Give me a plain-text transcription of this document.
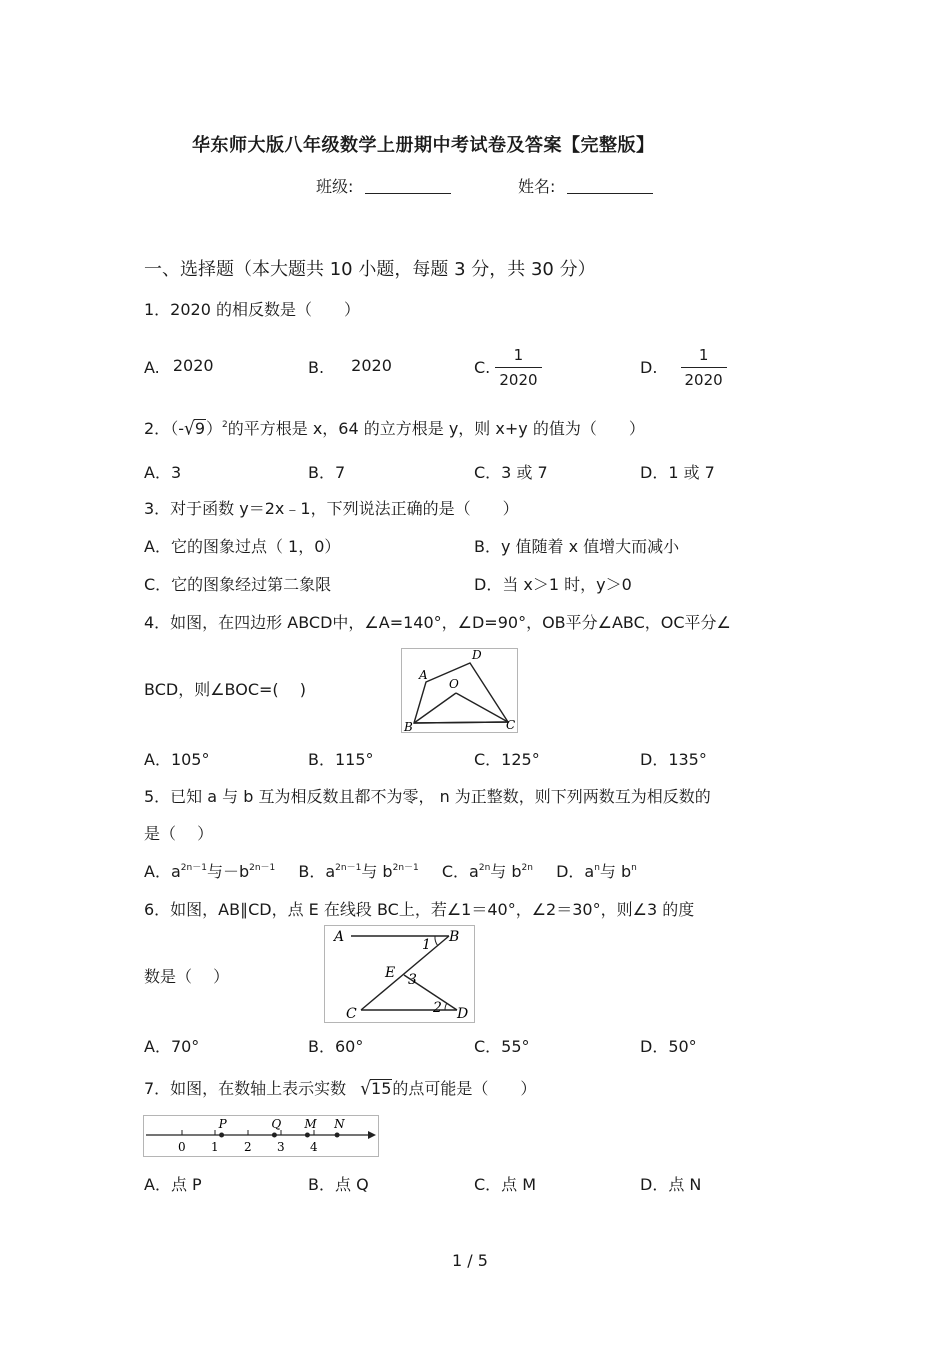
华东师大版八年级数学上册期中考试卷及答案【完整版】
班级:	姓名:
一、选择题（本大题共 10 小题，每题 3 分，共 30 分）
1．2020 的相反数是（　　）
A. 2020	B. 2020	C. $\frac{1}{2020}$	D. $\frac{1}{2020}$
2．$(-√9)^2$的平方根是 x，64 的立方根是 y，则 x+y 的值为（　　）
A．3	B．7	C．3 或 7	D．1 或 7
3．对于函数 y＝2x﹣1，下列说法正确的是（　　）
A．它的图象过点（ 1，0）	B．y 值随着 x 值增大而减小
C．它的图象经过第二象限	D．当 x＞1 时，y＞0
4．如图，在四边形 ABCD中，∠A=140°，∠D=90°，OB平分∠ABC，OC平分∠
BCD，则∠BOC=(　 )
A
B	C
D
O
A．105°	B．115°	C．125°	D．135°
5．已知 a 与 b 互为相反数且都不为零， n 为正整数，则下列两数互为相反数的
是（　 ）
A．$a^{2n-1}$与$-b^{2n-1}$ B．$a^{2n-1}$与 $b^{2n-1}$ C．$a^{2n}$与 $b^{2n}$ D．$a^n$与 $b^n$
6．如图，AB∥CD，点 E 在线段 BC上，若∠1＝40°，∠2＝30°，则∠3 的度
数是（　 ）
A	B
C	D
E
1
2
3
A．70°	B．60°	C．55°	D．50°
7．如图，在数轴上表示实数 √15的点可能是（　　）
0 1 2 3 4
P	Q M N
A．点 P	B．点 Q	C．点 M	D．点 N
1 / 5
